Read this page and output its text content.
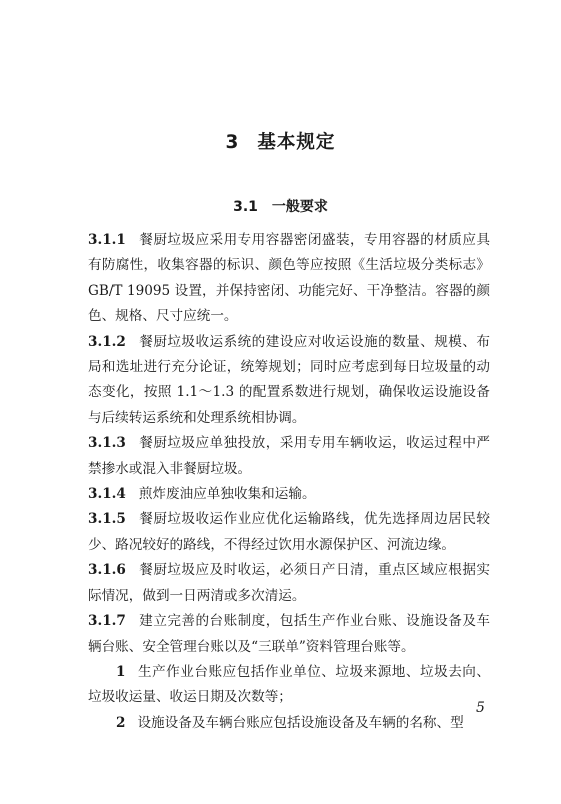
3 基本规定
3.1 一般要求

3.1.1 餐厨垃圾应采用专用容器密闭盛装，专用容器的材质应具有防腐性，收集容器的标识、颜色等应按照《生活垃圾分类标志》GB/T 19095 设置，并保持密闭、功能完好、干净整洁。容器的颜色、规格、尺寸应统一。

3.1.2 餐厨垃圾收运系统的建设应对收运设施的数量、规模、布局和选址进行充分论证，统筹规划；同时应考虑到每日垃圾量的动态变化，按照 1.1～1.3 的配置系数进行规划，确保收运设施设备与后续转运系统和处理系统相协调。

3.1.3 餐厨垃圾应单独投放，采用专用车辆收运，收运过程中严禁掺水或混入非餐厨垃圾。

3.1.4 煎炸废油应单独收集和运输。

3.1.5 餐厨垃圾收运作业应优化运输路线，优先选择周边居民较少、路况较好的路线，不得经过饮用水源保护区、河流边缘。

3.1.6 餐厨垃圾应及时收运，必须日产日清，重点区域应根据实际情况，做到一日两清或多次清运。

3.1.7 建立完善的台账制度，包括生产作业台账、设施设备及车辆台账、安全管理台账以及“三联单”资料管理台账等。

1 生产作业台账应包括作业单位、垃圾来源地、垃圾去向、垃圾收运量、收运日期及次数等；

2 设施设备及车辆台账应包括设施设备及车辆的名称、型

5
